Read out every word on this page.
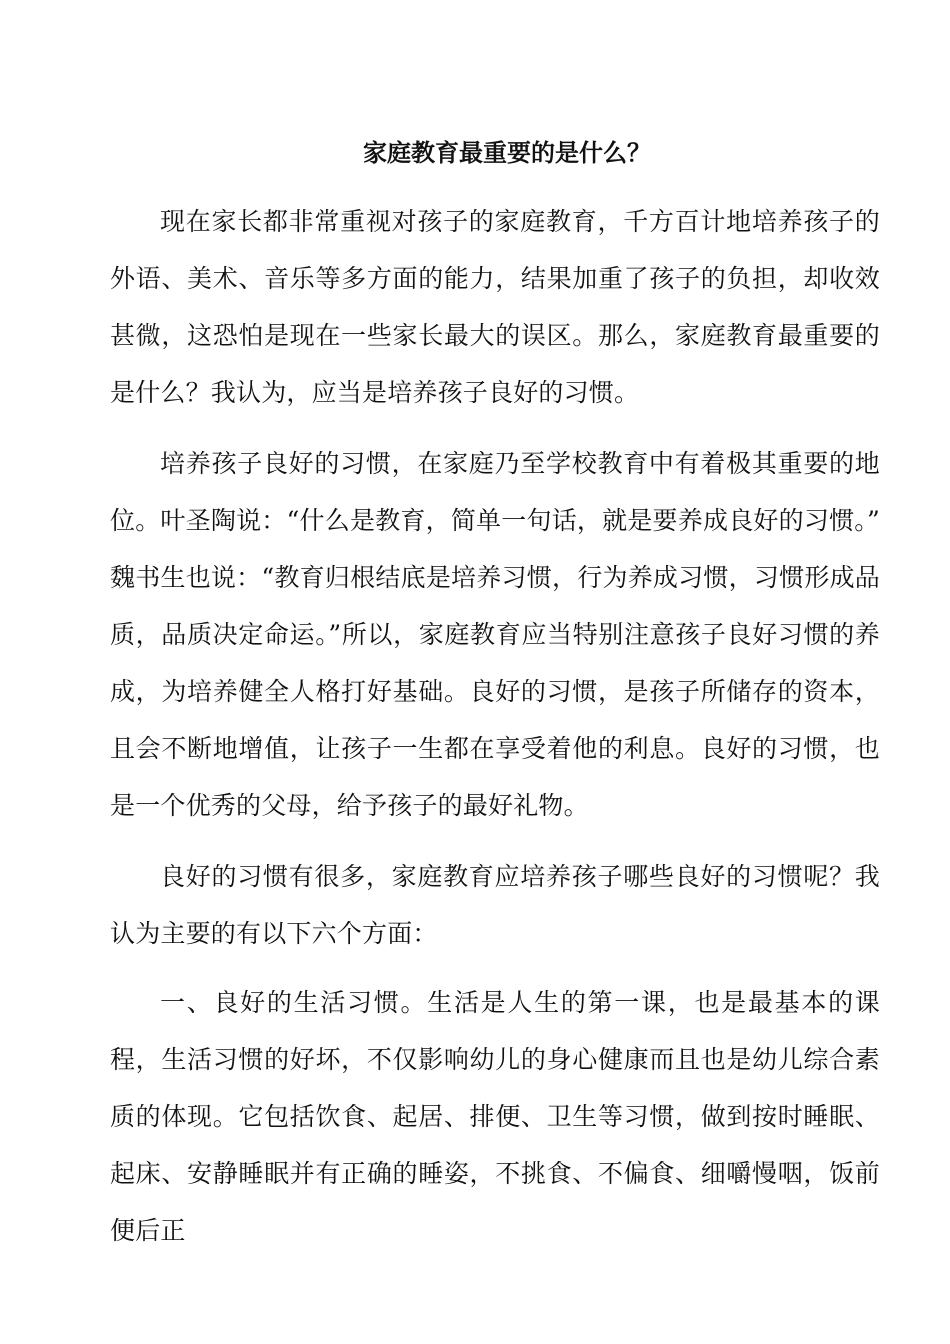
家庭教育最重要的是什么？

现在家长都非常重视对孩子的家庭教育，千方百计地培养孩子的外语、美术、音乐等多方面的能力，结果加重了孩子的负担，却收效甚微，这恐怕是现在一些家长最大的误区。那么，家庭教育最重要的是什么？我认为，应当是培养孩子良好的习惯。

培养孩子良好的习惯，在家庭乃至学校教育中有着极其重要的地位。叶圣陶说：“什么是教育，简单一句话，就是要养成良好的习惯。” 魏书生也说：“教育归根结底是培养习惯，行为养成习惯，习惯形成品质，品质决定命运。”所以，家庭教育应当特别注意孩子良好习惯的养成，为培养健全人格打好基础。良好的习惯，是孩子所储存的资本，且会不断地增值，让孩子一生都在享受着他的利息。良好的习惯，也是一个优秀的父母，给予孩子的最好礼物。

良好的习惯有很多，家庭教育应培养孩子哪些良好的习惯呢？我认为主要的有以下六个方面：

一、良好的生活习惯。生活是人生的第一课，也是最基本的课程，生活习惯的好坏，不仅影响幼儿的身心健康而且也是幼儿综合素质的体现。它包括饮食、起居、排便、卫生等习惯，做到按时睡眠、起床、安静睡眠并有正确的睡姿，不挑食、不偏食、细嚼慢咽，饭前便后正
